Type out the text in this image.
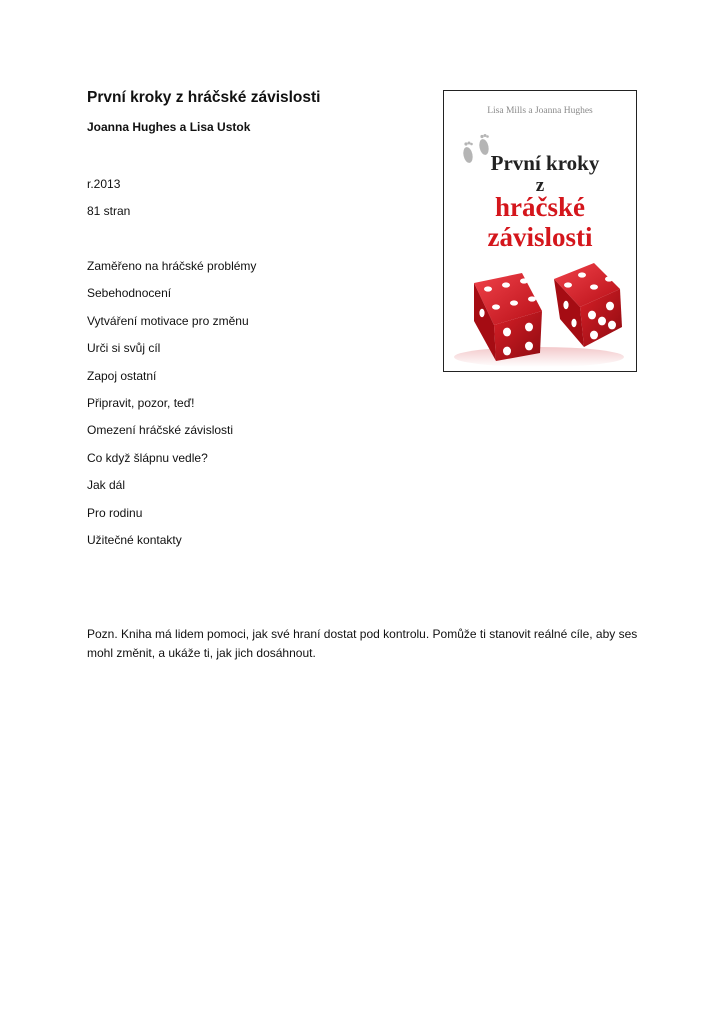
První kroky z hráčské závislosti
Joanna Hughes a Lisa Ustok
r.2013
81 stran
Zaměřeno na hráčské problémy
Sebehodnocení
Vytváření motivace pro změnu
Urči si svůj cíl
Zapoj ostatní
Připravit, pozor, teď!
Omezení hráčské závislosti
Co když šlápnu vedle?
Jak dál
Pro rodinu
Užitečné kontakty

Pozn. Kniha má lidem pomoci, jak své hraní dostat pod kontrolu. Pomůže ti stanovit reálné cíle, aby ses mohl změnit, a ukáže ti, jak jich dosáhnout.

Lisa Mills a Joanna Hughes
První kroky
z
hráčské
závislosti
